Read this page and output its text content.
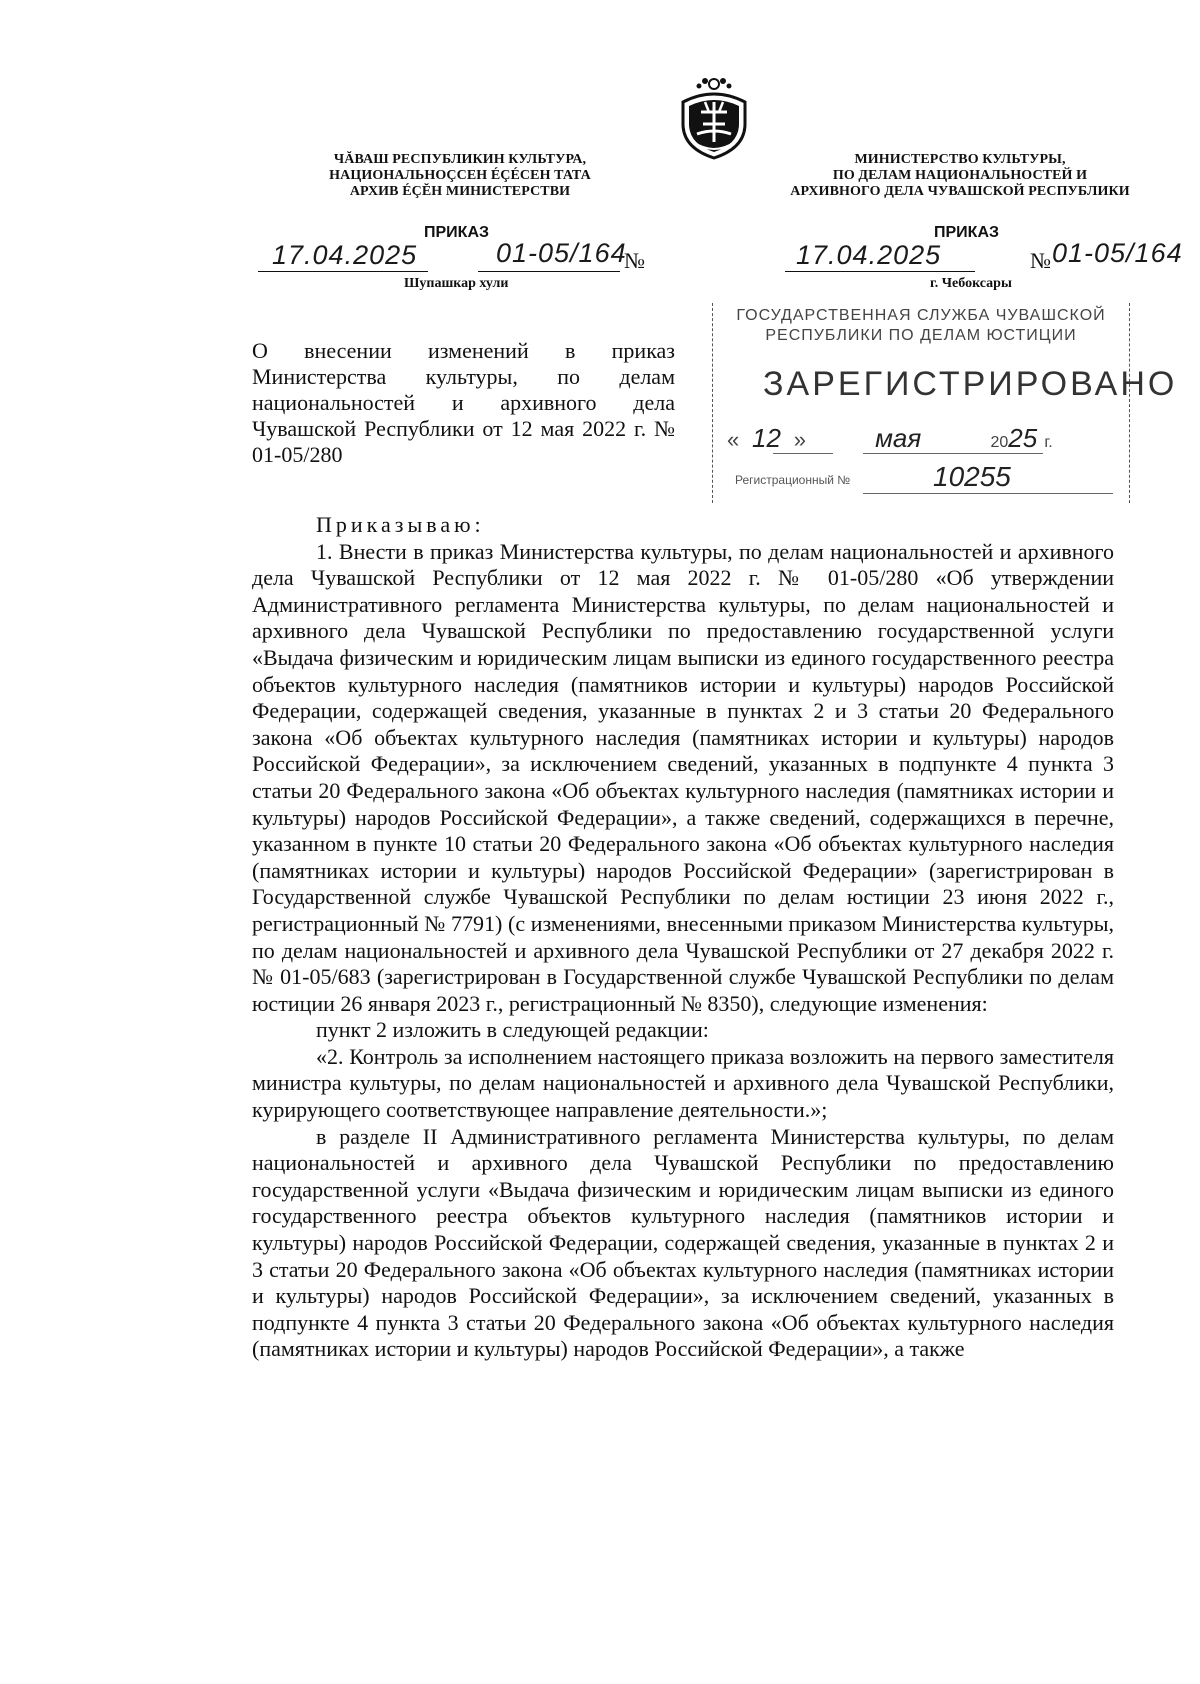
ЧĂВАШ РЕСПУБЛИКИН КУЛЬТУРА,
НАЦИОНАЛЬНОÇСЕН ÉÇÉСЕН ТАТА
АРХИВ ÉÇĔН МИНИСТЕРСТВИ
МИНИСТЕРСТВО КУЛЬТУРЫ,
ПО ДЕЛАМ НАЦИОНАЛЬНОСТЕЙ И
АРХИВНОГО ДЕЛА ЧУВАШСКОЙ РЕСПУБЛИКИ
ПРИКАЗ
17.04.2025	01-05/164
№
Шупашкар хули
ПРИКАЗ
17.04.2025	№ 01-05/164
г. Чебоксары
О внесении изменений в приказ Министерства культуры, по делам национальностей и архивного дела Чувашской Республики от 12 мая 2022 г. № 01-05/280
ГОСУДАРСТВЕННАЯ СЛУЖБА ЧУВАШСКОЙ
РЕСПУБЛИКИ ПО ДЕЛАМ ЮСТИЦИИ
ЗАРЕГИСТРИРОВАНО
« 12 »	мая	2025 г.
Регистрационный №	10255

Приказываю:

1. Внести в приказ Министерства культуры, по делам национальностей и архивного дела Чувашской Республики от 12 мая 2022 г. № 01-05/280 «Об утверждении Административного регламента Министерства культуры, по делам национальностей и архивного дела Чувашской Республики по предоставлению государственной услуги «Выдача физическим и юридическим лицам выписки из единого государственного реестра объектов культурного наследия (памятников истории и культуры) народов Российской Федерации, содержащей сведения, указанные в пунктах 2 и 3 статьи 20 Федерального закона «Об объектах культурного наследия (памятниках истории и культуры) народов Российской Федерации», за исключением сведений, указанных в подпункте 4 пункта 3 статьи 20 Федерального закона «Об объектах культурного наследия (памятниках истории и культуры) народов Российской Федерации», а также сведений, содержащихся в перечне, указанном в пункте 10 статьи 20 Федерального закона «Об объектах культурного наследия (памятниках истории и культуры) народов Российской Федерации» (зарегистрирован в Государственной службе Чувашской Республики по делам юстиции 23 июня 2022 г., регистрационный № 7791) (с изменениями, внесенными приказом Министерства культуры, по делам национальностей и архивного дела Чувашской Республики от 27 декабря 2022 г. № 01-05/683 (зарегистрирован в Государственной службе Чувашской Республики по делам юстиции 26 января 2023 г., регистрационный № 8350), следующие изменения:

пункт 2 изложить в следующей редакции:

«2. Контроль за исполнением настоящего приказа возложить на первого заместителя министра культуры, по делам национальностей и архивного дела Чувашской Республики, курирующего соответствующее направление деятельности.»;

в разделе II Административного регламента Министерства культуры, по делам национальностей и архивного дела Чувашской Республики по предоставлению государственной услуги «Выдача физическим и юридическим лицам выписки из единого государственного реестра объектов культурного наследия (памятников истории и культуры) народов Российской Федерации, содержащей сведения, указанные в пунктах 2 и 3 статьи 20 Федерального закона «Об объектах культурного наследия (памятниках истории и культуры) народов Российской Федерации», за исключением сведений, указанных в подпункте 4 пункта 3 статьи 20 Федерального закона «Об объектах культурного наследия (памятниках истории и культуры) народов Российской Федерации», а также
